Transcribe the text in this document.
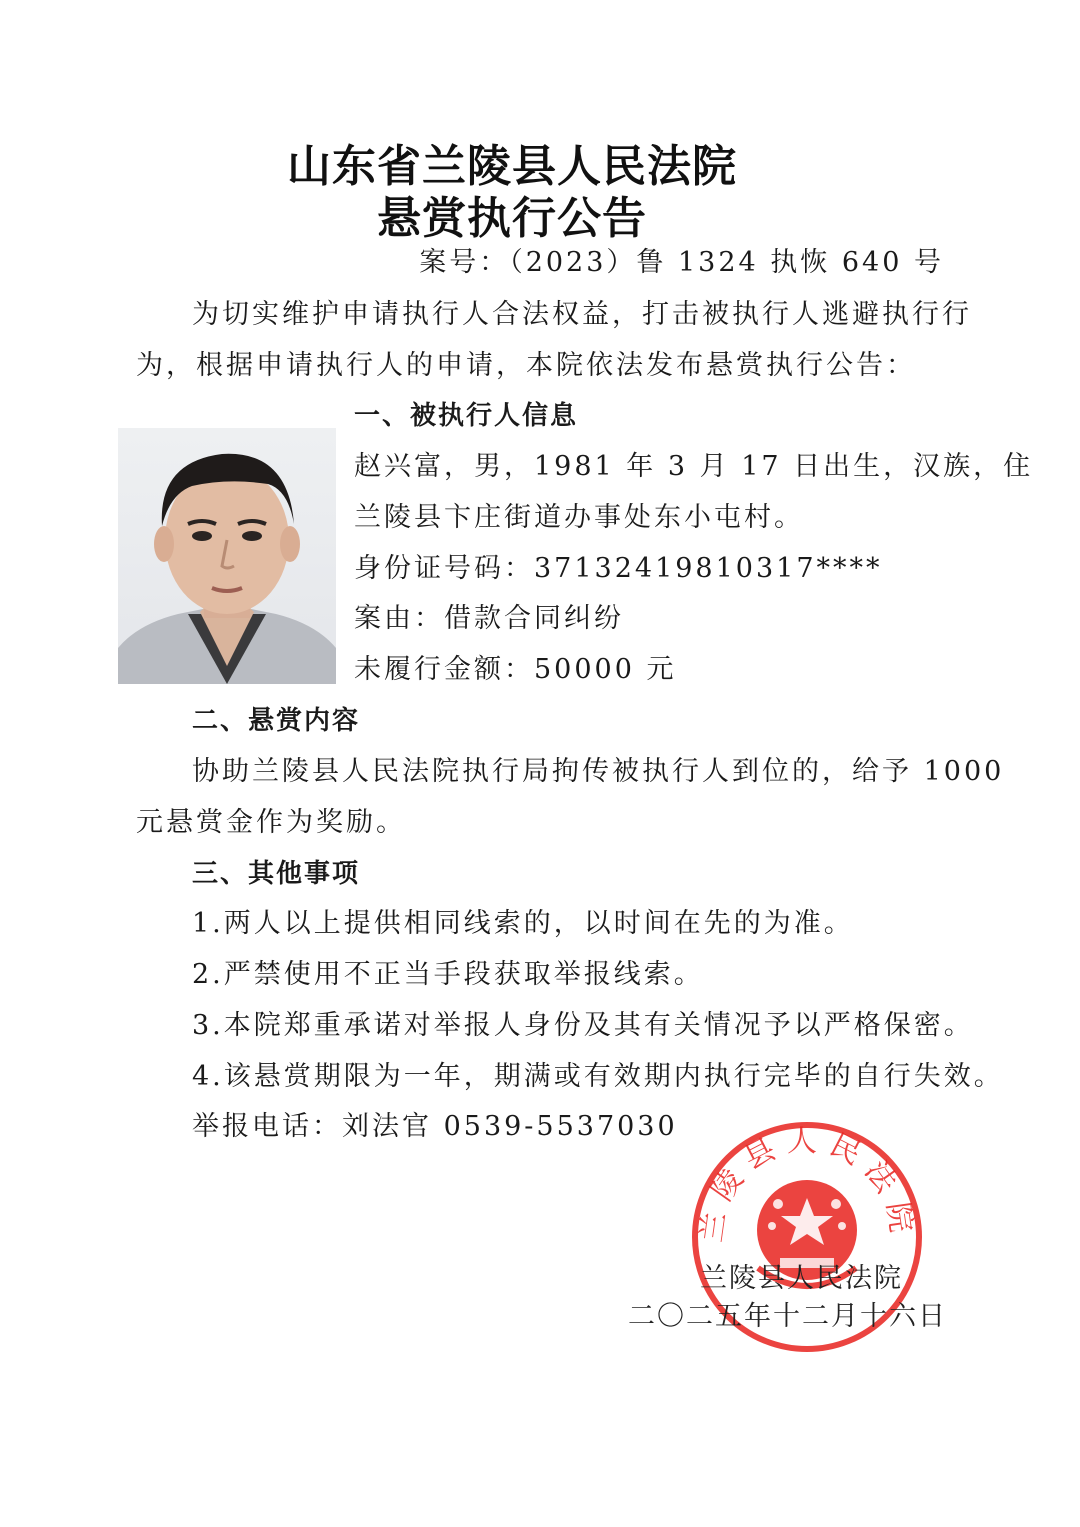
山东省兰陵县人民法院
悬赏执行公告
案号：（2023）鲁 1324 执恢 640 号
为切实维护申请执行人合法权益，打击被执行人逃避执行行
为，根据申请执行人的申请，本院依法发布悬赏执行公告：
一、被执行人信息
赵兴富，男，1981 年 3 月 17 日出生，汉族，住
兰陵县卞庄街道办事处东小屯村。
身份证号码：37132419810317****
案由：借款合同纠纷
未履行金额：50000 元
二、悬赏内容
协助兰陵县人民法院执行局拘传被执行人到位的，给予 1000
元悬赏金作为奖励。
三、其他事项
1.两人以上提供相同线索的，以时间在先的为准。
2.严禁使用不正当手段获取举报线索。
3.本院郑重承诺对举报人身份及其有关情况予以严格保密。
4.该悬赏期限为一年，期满或有效期内执行完毕的自行失效。
举报电话：刘法官 0539-5537030
兰陵县人民法院
兰陵县人民法院
二〇二五年十二月十六日
